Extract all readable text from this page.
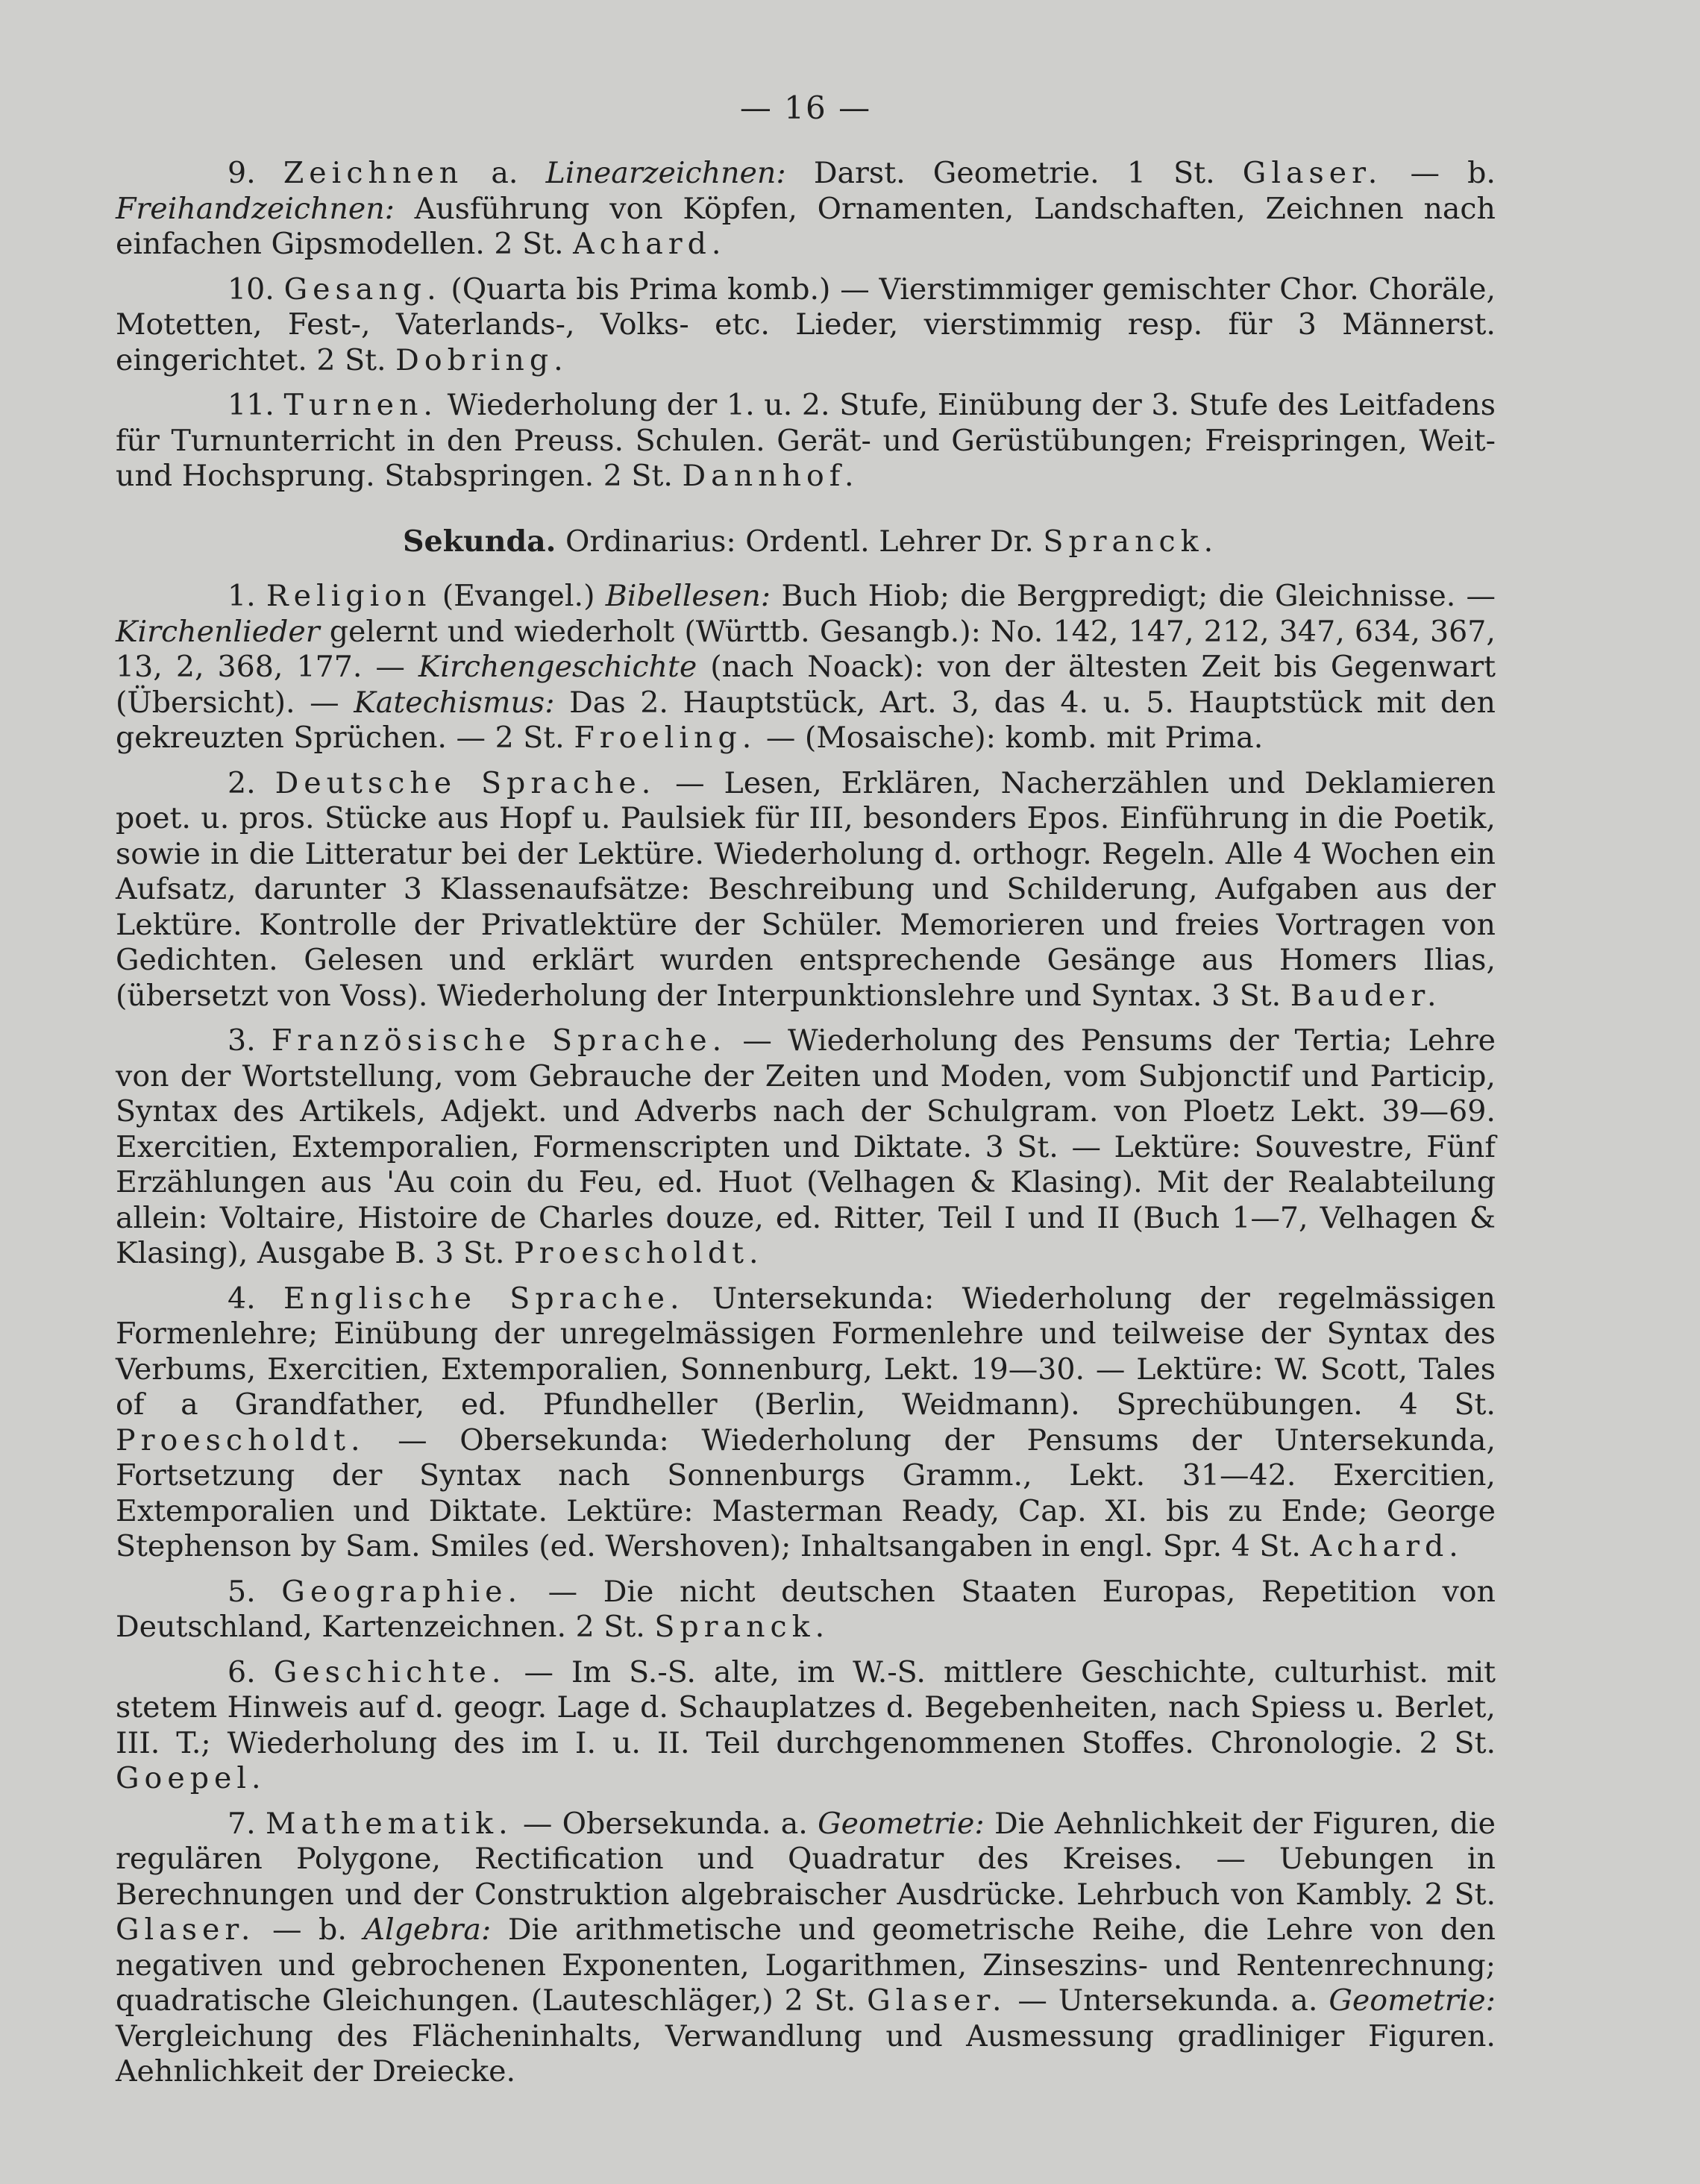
— 16 —

9. Zeichnen a. Linearzeichnen: Darst. Geometrie. 1 St. Glaser. — b. Freihandzeichnen: Ausführung von Köpfen, Ornamenten, Landschaften, Zeichnen nach einfachen Gipsmodellen. 2 St. Achard.

10. Gesang. (Quarta bis Prima komb.) — Vierstimmiger gemischter Chor. Choräle, Motetten, Fest-, Vaterlands-, Volks- etc. Lieder, vierstimmig resp. für 3 Männerst. eingerichtet. 2 St. Dobring.

11. Turnen. Wiederholung der 1. u. 2. Stufe, Einübung der 3. Stufe des Leitfadens für Turnunterricht in den Preuss. Schulen. Gerät- und Gerüstübungen; Freispringen, Weit- und Hochsprung. Stabspringen. 2 St. Dannhof.

Sekunda. Ordinarius: Ordentl. Lehrer Dr. Spranck.

1. Religion (Evangel.) Bibellesen: Buch Hiob; die Bergpredigt; die Gleichnisse. — Kirchenlieder gelernt und wiederholt (Württb. Gesangb.): No. 142, 147, 212, 347, 634, 367, 13, 2, 368, 177. — Kirchengeschichte (nach Noack): von der ältesten Zeit bis Gegenwart (Übersicht). — Katechismus: Das 2. Hauptstück, Art. 3, das 4. u. 5. Hauptstück mit den gekreuzten Sprüchen. — 2 St. Froeling. — (Mosaische): komb. mit Prima.

2. Deutsche Sprache. — Lesen, Erklären, Nacherzählen und Deklamieren poet. u. pros. Stücke aus Hopf u. Paulsiek für III, besonders Epos. Einführung in die Poetik, sowie in die Litteratur bei der Lektüre. Wiederholung d. orthogr. Regeln. Alle 4 Wochen ein Aufsatz, darunter 3 Klassenaufsätze: Beschreibung und Schilderung, Aufgaben aus der Lektüre. Kontrolle der Privatlektüre der Schüler. Memorieren und freies Vortragen von Gedichten. Gelesen und erklärt wurden entsprechende Gesänge aus Homers Ilias, (übersetzt von Voss). Wiederholung der Interpunktionslehre und Syntax. 3 St. Bauder.

3. Französische Sprache. — Wiederholung des Pensums der Tertia; Lehre von der Wortstellung, vom Gebrauche der Zeiten und Moden, vom Subjonctif und Particip, Syntax des Artikels, Adjekt. und Adverbs nach der Schulgram. von Ploetz Lekt. 39—69. Exercitien, Extemporalien, Formenscripten und Diktate. 3 St. — Lektüre: Souvestre, Fünf Erzählungen aus 'Au coin du Feu, ed. Huot (Velhagen & Klasing). Mit der Realabteilung allein: Voltaire, Histoire de Charles douze, ed. Ritter, Teil I und II (Buch 1—7, Velhagen & Klasing), Ausgabe B. 3 St. Proescholdt.

4. Englische Sprache. Untersekunda: Wiederholung der regelmässigen Formenlehre; Einübung der unregelmässigen Formenlehre und teilweise der Syntax des Verbums, Exercitien, Extemporalien, Sonnenburg, Lekt. 19—30. — Lektüre: W. Scott, Tales of a Grandfather, ed. Pfundheller (Berlin, Weidmann). Sprechübungen. 4 St. Proescholdt. — Obersekunda: Wiederholung der Pensums der Untersekunda, Fortsetzung der Syntax nach Sonnenburgs Gramm., Lekt. 31—42. Exercitien, Extemporalien und Diktate. Lektüre: Masterman Ready, Cap. XI. bis zu Ende; George Stephenson by Sam. Smiles (ed. Wershoven); Inhaltsangaben in engl. Spr. 4 St. Achard.

5. Geographie. — Die nicht deutschen Staaten Europas, Repetition von Deutschland, Kartenzeichnen. 2 St. Spranck.

6. Geschichte. — Im S.-S. alte, im W.-S. mittlere Geschichte, culturhist. mit stetem Hinweis auf d. geogr. Lage d. Schauplatzes d. Begebenheiten, nach Spiess u. Berlet, III. T.; Wiederholung des im I. u. II. Teil durchgenommenen Stoffes. Chronologie. 2 St. Goepel.

7. Mathematik. — Obersekunda. a. Geometrie: Die Aehnlichkeit der Figuren, die regulären Polygone, Rectification und Quadratur des Kreises. — Uebungen in Berechnungen und der Construktion algebraischer Ausdrücke. Lehrbuch von Kambly. 2 St. Glaser. — b. Algebra: Die arithmetische und geometrische Reihe, die Lehre von den negativen und gebrochenen Exponenten, Logarithmen, Zinseszins- und Rentenrechnung; quadratische Gleichungen. (Lauteschläger,) 2 St. Glaser. — Untersekunda. a. Geometrie: Vergleichung des Flächeninhalts, Verwandlung und Ausmessung gradliniger Figuren. Aehnlichkeit der Dreiecke.
